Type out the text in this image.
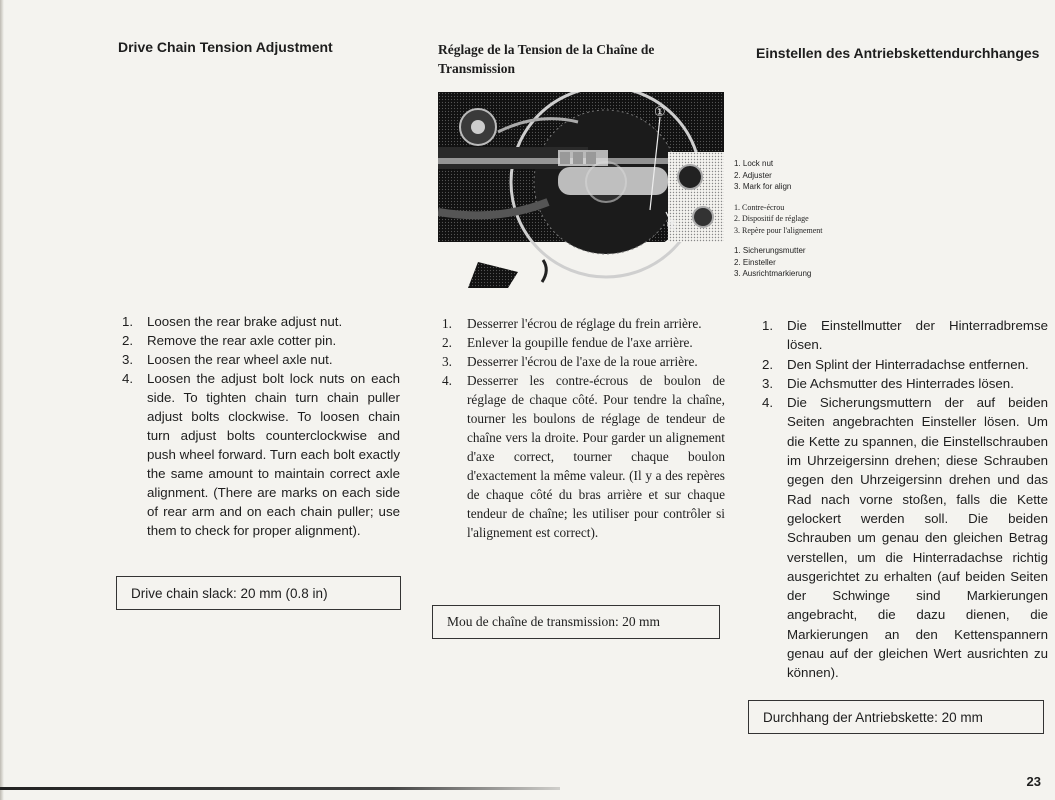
Drive Chain Tension Adjustment	Réglage de la Tension de la Chaîne de Transmission
Einstellen des Antriebskettendurchhanges
①
②
1. Lock nut
2. Adjuster
3. Mark for align
1. Contre-écrou
2. Dispositif de réglage
3. Repère pour l'alignement
1. Sicherungsmutter
2. Einsteller
3. Ausrichtmarkierung
1. Loosen the rear brake adjust nut.
2. Remove the rear axle cotter pin.
3. Loosen the rear wheel axle nut.
4. Loosen the adjust bolt lock nuts on each side. To tighten chain turn chain puller adjust bolts clockwise. To loosen chain turn adjust bolts counterclockwise and push wheel forward. Turn each bolt exactly the same amount to maintain correct axle alignment. (There are marks on each side of rear arm and on each chain puller; use them to check for proper alignment).
1. Desserrer l'écrou de réglage du frein arrière.
2. Enlever la goupille fendue de l'axe arrière.
3. Desserrer l'écrou de l'axe de la roue arrière.
4. Desserrer les contre-écrous de boulon de réglage de chaque côté. Pour tendre la chaîne, tourner les boulons de réglage de tendeur de chaîne vers la droite. Pour garder un alignement d'axe correct, tourner chaque boulon d'exactement la même valeur. (Il y a des repères de chaque côté du bras arrière et sur chaque tendeur de chaîne; les utiliser pour contrôler si l'alignement est correct).
1. Die Einstellmutter der Hinterradbremse lösen.
2. Den Splint der Hinterradachse entfernen.
3. Die Achsmutter des Hinterrades lösen.
4. Die Sicherungsmuttern der auf beiden Seiten angebrachten Einsteller lösen. Um die Kette zu spannen, die Einstellschrauben im Uhrzeigersinn drehen; diese Schrauben gegen den Uhrzeigersinn drehen und das Rad nach vorne stoßen, falls die Kette gelockert werden soll. Die beiden Schrauben um genau den gleichen Betrag verstellen, um die Hinterradachse richtig ausgerichtet zu erhalten (auf beiden Seiten der Schwinge sind Markierungen angebracht, die dazu dienen, die Markierungen an den Kettenspannern genau auf der gleichen Wert ausrichten zu können).
Drive chain slack: 20 mm (0.8 in)
Mou de chaîne de transmission: 20 mm
Durchhang der Antriebskette: 20 mm
23
